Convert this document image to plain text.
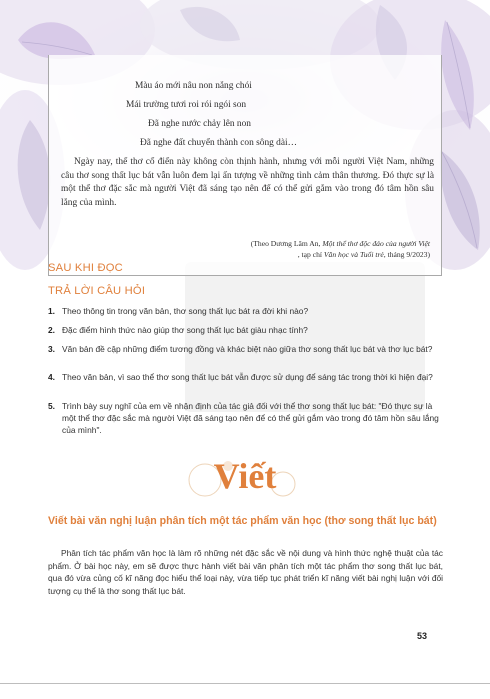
Màu áo mới nâu non nắng chói
Mái trường tươi roi rói ngói son
Đã nghe nước chảy lên non
Đã nghe đất chuyển thành con sông dài…
Ngày nay, thể thơ cổ điển này không còn thịnh hành, nhưng với mỗi người Việt Nam, những câu thơ song thất lục bát vẫn luôn đem lại ấn tượng về những tình cảm thân thương. Đó thực sự là một thể thơ đặc sắc mà người Việt đã sáng tạo nên để có thể gửi gắm vào trong đó tâm hồn sâu lắng của mình.
(Theo Dương Lâm An, Một thể thơ độc đáo của người Việt
, tạp chí Văn học và Tuổi trẻ, tháng 9/2023)
SAU KHI ĐỌC
TRẢ LỜI CÂU HỎI
1. Theo thông tin trong văn bản, thơ song thất lục bát ra đời khi nào?
2. Đặc điểm hình thức nào giúp thơ song thất lục bát giàu nhạc tính?
3. Văn bản đề cập những điểm tương đồng và khác biệt nào giữa thơ song thất lục bát và thơ lục bát?
4. Theo văn bản, vì sao thể thơ song thất lục bát vẫn được sử dụng để sáng tác trong thời kì hiện đại?
5. Trình bày suy nghĩ của em về nhận định của tác giả đối với thể thơ song thất lục bát: "Đó thực sự là một thể thơ đặc sắc mà người Việt đã sáng tạo nên để có thể gửi gắm vào trong đó tâm hồn sâu lắng của mình".
Viết
Viết bài văn nghị luận phân tích một tác phẩm văn học (thơ song thất lục bát)
Phân tích tác phẩm văn học là làm rõ những nét đặc sắc về nội dung và hình thức nghệ thuật của tác phẩm. Ở bài học này, em sẽ được thực hành viết bài văn phân tích một tác phẩm thơ song thất lục bát, qua đó vừa củng cố kĩ năng đọc hiểu thể loại này, vừa tiếp tục phát triển kĩ năng viết bài nghị luận với đối tượng cụ thể là thơ song thất lục bát.
53
